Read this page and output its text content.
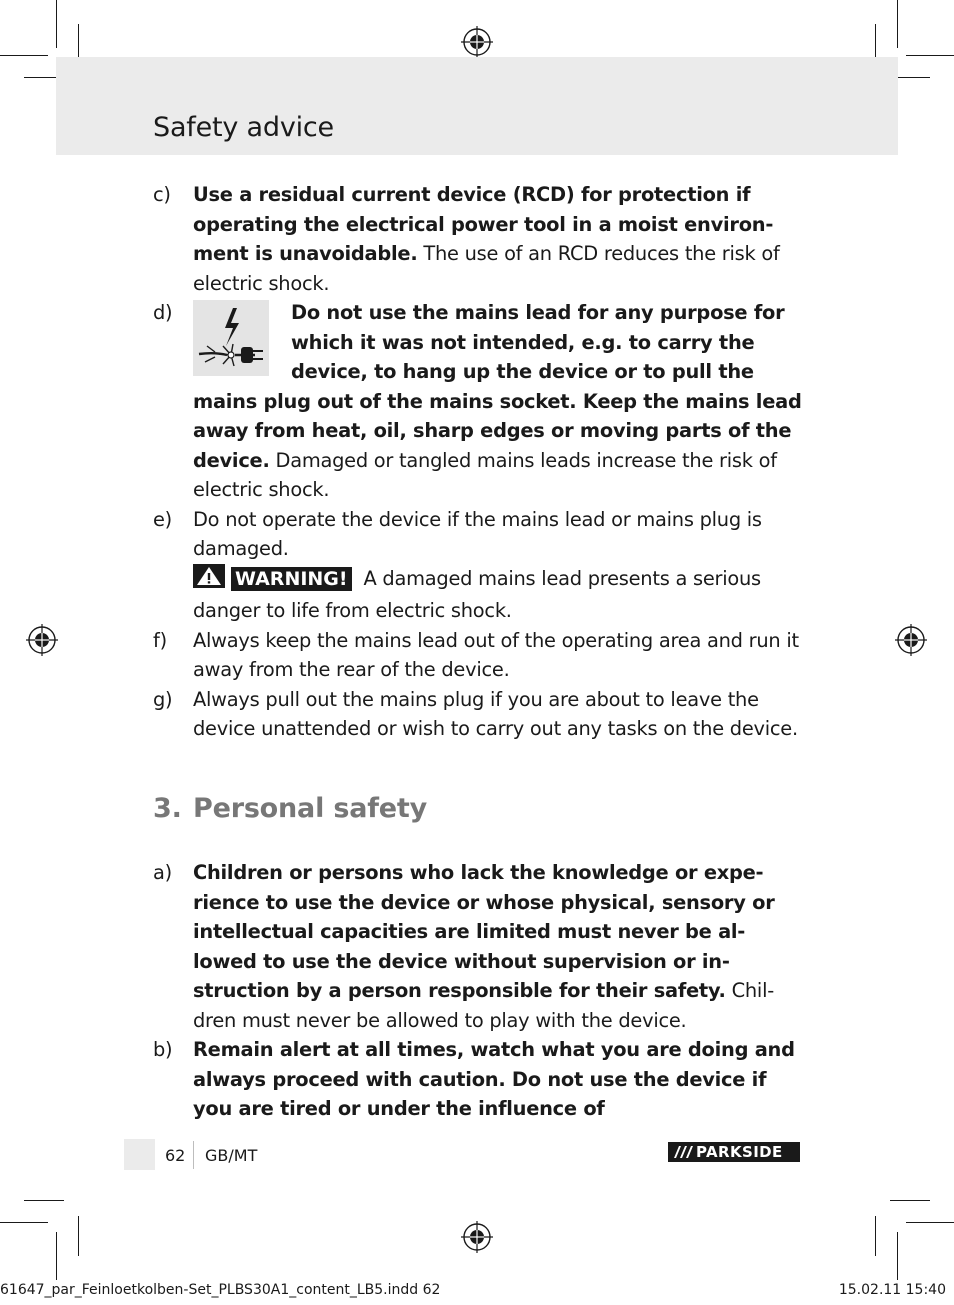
Safety advice
c) Use a residual current device (RCD) for protection if operating the electrical power tool in a moist environ-ment is unavoidable. The use of an RCD reduces the risk of electric shock.
d)	Do not use the mains lead for any purpose for which it was not intended, e.g. to carry the device, to hang up the device or to pull the mains plug out of the mains socket. Keep the mains lead away from heat, oil, sharp edges or moving parts of the device. Damaged or tangled mains leads increase the risk of electric shock.
e) Do not operate the device if the mains lead or mains plug is damaged.
WARNING! A damaged mains lead presents a serious danger to life from electric shock.
f) Always keep the mains lead out of the operating area and run it away from the rear of the device.
g) Always pull out the mains plug if you are about to leave the device unattended or wish to carry out any tasks on the device.
3. Personal safety
a) Children or persons who lack the knowledge or expe-rience to use the device or whose physical, sensory or intellectual capacities are limited must never be al-lowed to use the device without supervision or in-struction by a person responsible for their safety. Chil-dren must never be allowed to play with the device.
b) Remain alert at all times, watch what you are doing and always proceed with caution. Do not use the device if you are tired or under the influence of
62 GB/MT	PARKSIDE
61647_par_Feinloetkolben-Set_PLBS30A1_content_LB5.indd 62	15.02.11 15:40
